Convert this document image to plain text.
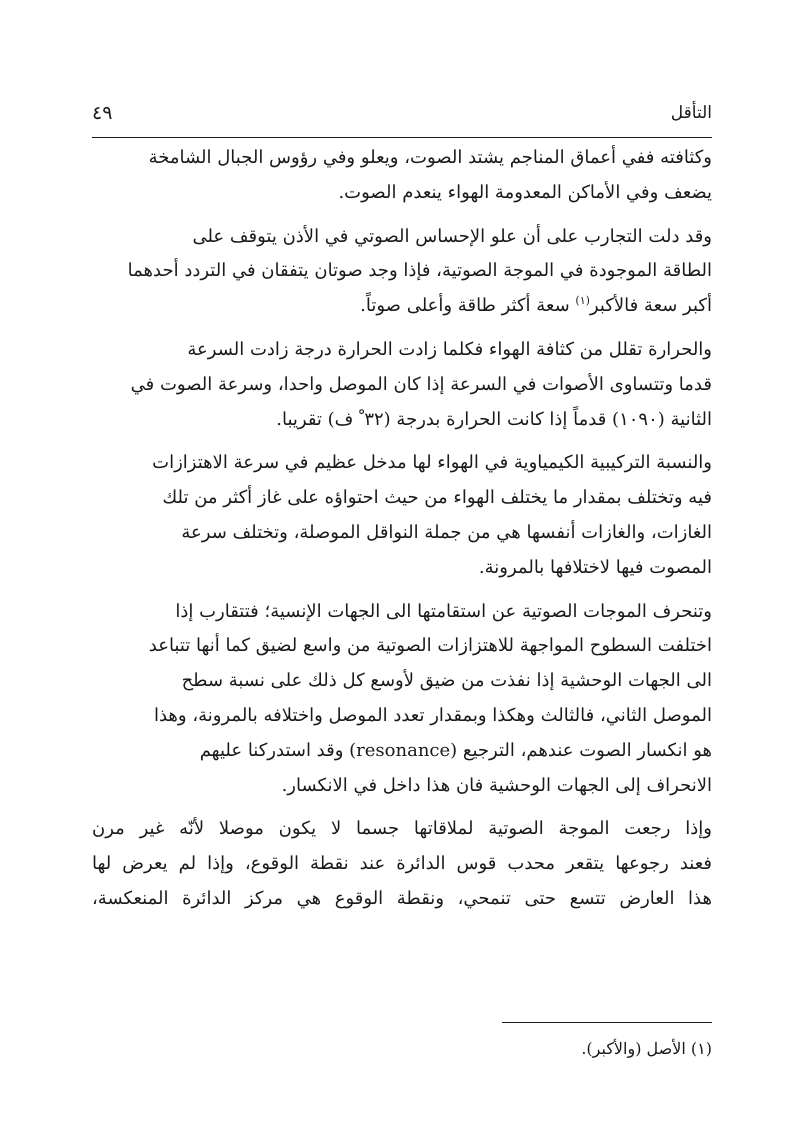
التأقل
٤٩

وكثافته ففي أعماق المناجم يشتد الصوت، ويعلو وفي رؤوس الجبال الشامخة
يضعف وفي الأماكن المعدومة الهواء ينعدم الصوت.

وقد دلت التجارب على أن علو الإحساس الصوتي في الأذن يتوقف على
الطاقة الموجودة في الموجة الصوتية، فإذا وجد صوتان يتفقان في التردد أحدهما
أكبر سعة فالأكبر$^{(١)}$ سعة أكثر طاقة وأعلى صوتاً.

والحرارة تقلل من كثافة الهواء فكلما زادت الحرارة درجة زادت السرعة
قدما وتتساوى الأصوات في السرعة إذا كان الموصل واحدا، وسرعة الصوت في
الثانية (١٠٩٠) قدماً إذا كانت الحرارة بدرجة (٣٢ ْ ف) تقريبا.

والنسبة التركيبية الكيمياوية في الهواء لها مدخل عظيم في سرعة الاهتزازات
فيه وتختلف بمقدار ما يختلف الهواء من حيث احتواؤه على غاز أكثر من تلك
الغازات، والغازات أنفسها هي من جملة النواقل الموصلة، وتختلف سرعة
المصوت فيها لاختلافها بالمرونة.

وتنحرف الموجات الصوتية عن استقامتها الى الجهات الإنسية؛ فتتقارب إذا
اختلفت السطوح المواجهة للاهتزازات الصوتية من واسع لضيق كما أنها تتباعد
الى الجهات الوحشية إذا نفذت من ضيق لأوسع كل ذلك على نسبة سطح
الموصل الثاني، فالثالث وهكذا وبمقدار تعدد الموصل واختلافه بالمرونة، وهذا
هو انكسار الصوت عندهم، الترجيع (resonance) وقد استدركنا عليهم
الانحراف إلى الجهات الوحشية فان هذا داخل في الانكسار.

وإذا رجعت الموجة الصوتية لملاقاتها جسما لا يكون موصلا لأنّه غير مرن
فعند رجوعها يتقعر محدب قوس الدائرة عند نقطة الوقوع، وإذا لم يعرض لها
هذا العارض تتسع حتى تنمحي، ونقطة الوقوع هي مركز الدائرة المنعكسة،

(١) الأصل (والأكبر).
